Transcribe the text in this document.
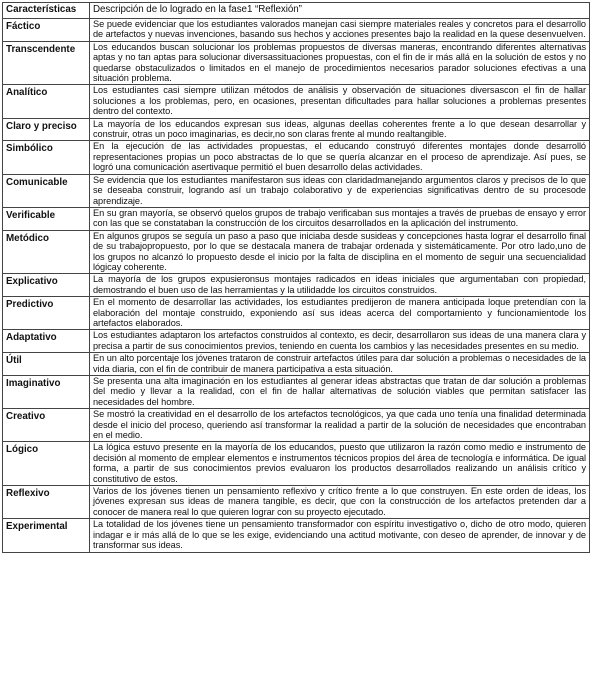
Características	Descripción de lo logrado en la fase1 “Reflexión”
Fáctico	Se puede evidenciar que los estudiantes valorados manejan casi siempre materiales reales y concretos para el desarrollo de artefactos y nuevas invenciones, basando sus hechos y acciones presentes bajo la realidad en la quese desenvuelven.
Transcendente	Los educandos buscan solucionar los problemas propuestos de diversas maneras, encontrando diferentes alternativas aptas y no tan aptas para solucionar diversassituaciones propuestas, con el fin de ir más allá en la solución de estos y no quedarse obstaculizados o limitados en el manejo de procedimientos necesarios parador soluciones efectivas a una situación problema.
Analítico	Los estudiantes casi siempre utilizan métodos de análisis y observación de situaciones diversascon el fin de hallar soluciones a los problemas, pero, en ocasiones, presentan dificultades para hallar soluciones a problemas presentes dentro del contexto.
Claro y preciso	La mayoría de los educandos expresan sus ideas, algunas deellas coherentes frente a lo que desean desarrollar y construir, otras un poco imaginarias, es decir,no son claras frente al mundo realtangible.
Simbólico	En la ejecución de las actividades propuestas, el educando construyó diferentes montajes donde desarrolló representaciones propias un poco abstractas de lo que se quería alcanzar en el proceso de aprendizaje. Así pues, se logró una comunicación asertivaque permitió el buen desarrollo delas actividades.
Comunicable	Se evidencia que los estudiantes manifestaron sus ideas con claridadmanejando argumentos claros y precisos de lo que se deseaba construir, logrando así un trabajo colaborativo y de experiencias significativas dentro de su procesode aprendizaje.
Verificable	En su gran mayoría, se observó quelos grupos de trabajo verificaban sus montajes a través de pruebas de ensayo y error con las que se constataban la construcción de los circuitos desarrollados en la aplicación del instrumento.
Metódico	En algunos grupos se seguía un paso a paso que iniciaba desde susideas y concepciones hasta lograr el desarrollo final de su trabajopropuesto, por lo que se destacala manera de trabajar ordenada y sistemáticamente. Por otro lado,uno de los grupos no alcanzó lo propuesto desde el inicio por la falta de disciplina en el momento de seguir una secuencialidad lógicay coherente.
Explicativo	La mayoría de los grupos expusieronsus montajes radicados en ideas iniciales que argumentaban con propiedad, demostrando el buen uso de las herramientas y la utilidadde los circuitos construidos.
Predictivo	En el momento de desarrollar las actividades, los estudiantes predijeron de manera anticipada loque pretendían con la elaboración del montaje construido, exponiendo así sus ideas acerca del comportamiento y funcionamientode los artefactos elaborados.
Adaptativo	Los estudiantes adaptaron los artefactos construidos al contexto, es decir, desarrollaron sus ideas de una manera clara y precisa a partir de sus conocimientos previos, teniendo en cuenta los cambios y las necesidades presentes en su medio.
Útil	En un alto porcentaje los jóvenes trataron de construir artefactos útiles para dar solución a problemas o necesidades de la vida diaria, con el fin de contribuir de manera participativa a esta situación.
Imaginativo	Se presenta una alta imaginación en los estudiantes al generar ideas abstractas que tratan de dar solución a problemas del medio y llevar a la realidad, con el fin de hallar alternativas de solución viables que permitan satisfacer las necesidades del hombre.
Creativo	Se mostró la creatividad en el desarrollo de los artefactos tecnológicos, ya que cada uno tenía una finalidad determinada desde el inicio del proceso, queriendo así transformar la realidad a partir de la solución de necesidades que encontraban en el medio.
Lógico	La lógica estuvo presente en la mayoría de los educandos, puesto que utilizaron la razón como medio e instrumento de decisión al momento de emplear elementos e instrumentos técnicos propios del área de tecnología e informática. De igual forma, a partir de sus conocimientos previos evaluaron los productos desarrollados realizando un análisis crítico y constitutivo de estos.
Reflexivo	Varios de los jóvenes tienen un pensamiento reflexivo y crítico frente a lo que construyen. En este orden de ideas, los jóvenes expresan sus ideas de manera tangible, es decir, que con la construcción de los artefactos pretenden dar a conocer de manera real lo que quieren lograr con su proyecto ejecutado.
Experimental	La totalidad de los jóvenes tiene un pensamiento transformador con espíritu investigativo o, dicho de otro modo, quieren indagar e ir más allá de lo que se les exige, evidenciando una actitud motivante, con deseo de aprender, de innovar y de transformar sus ideas.
